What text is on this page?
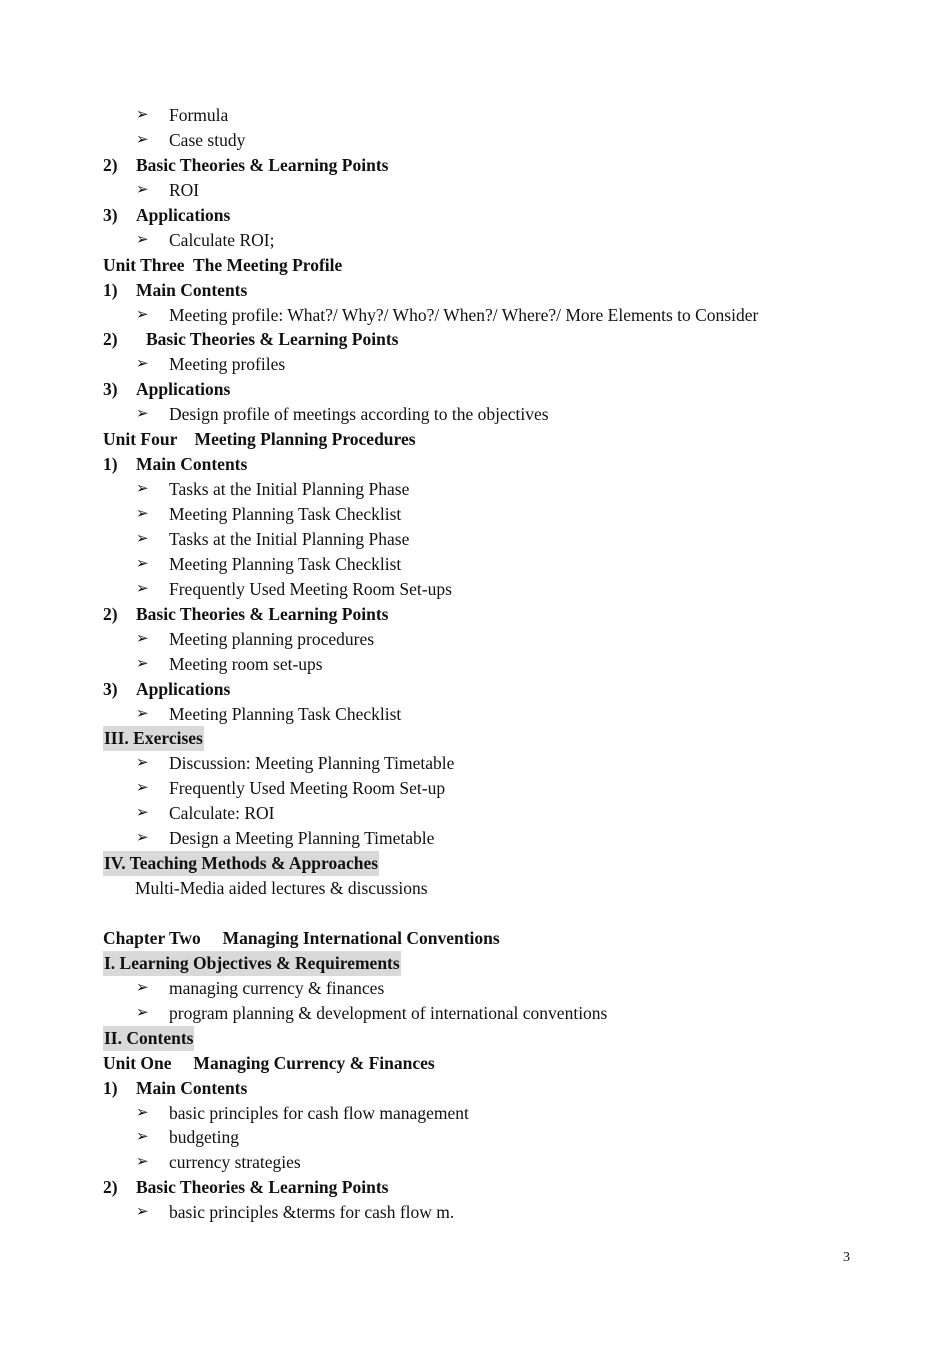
➢ Formula
➢ Case study
2) Basic Theories & Learning Points
➢ ROI
3) Applications
➢ Calculate ROI;
Unit Three  The Meeting Profile
1) Main Contents
➢ Meeting profile: What?/ Why?/ Who?/ When?/ Where?/ More Elements to Consider
2) Basic Theories & Learning Points
➢ Meeting profiles
3) Applications
➢ Design profile of meetings according to the objectives
Unit Four    Meeting Planning Procedures
1) Main Contents
➢ Tasks at the Initial Planning Phase
➢ Meeting Planning Task Checklist
➢ Tasks at the Initial Planning Phase
➢ Meeting Planning Task Checklist
➢ Frequently Used Meeting Room Set-ups
2) Basic Theories & Learning Points
➢ Meeting planning procedures
➢ Meeting room set-ups
3) Applications
➢ Meeting Planning Task Checklist
III. Exercises
➢ Discussion: Meeting Planning Timetable
➢ Frequently Used Meeting Room Set-up
➢ Calculate: ROI
➢ Design a Meeting Planning Timetable
IV. Teaching Methods & Approaches
Multi-Media aided lectures & discussions
Chapter Two     Managing International Conventions
I. Learning Objectives & Requirements
➢ managing currency & finances
➢ program planning & development of international conventions
II. Contents
Unit One     Managing Currency & Finances
1) Main Contents
➢ basic principles for cash flow management
➢ budgeting
➢ currency strategies
2) Basic Theories & Learning Points
➢ basic principles &terms for cash flow m.
3
